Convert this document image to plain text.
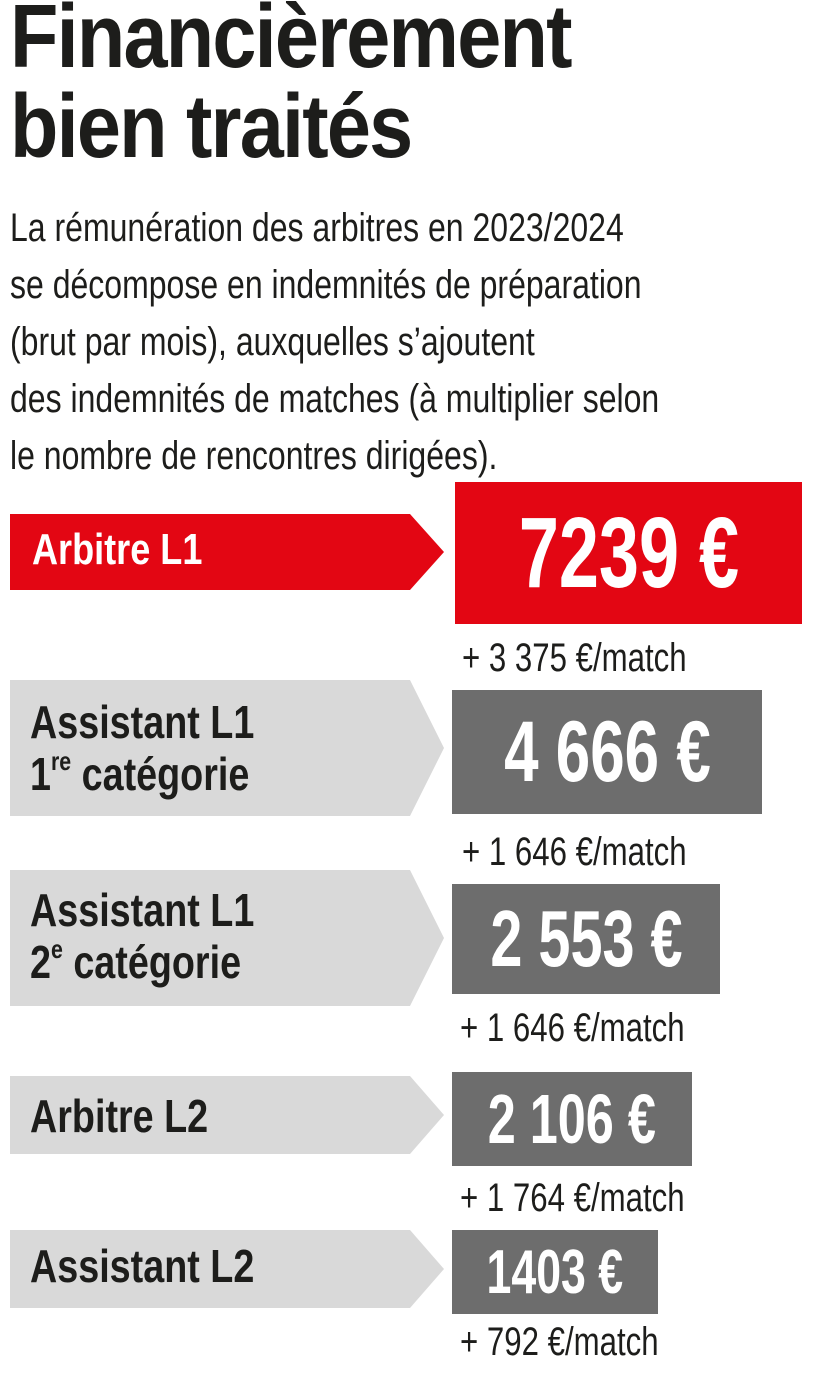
Financièrement
bien traités

La rémunération des arbitres en 2023/2024
se décompose en indemnités de préparation
(brut par mois), auxquelles s’ajoutent
des indemnités de matches (à multiplier selon
le nombre de rencontres dirigées).

Arbitre L1	7239 €
+ 3 375 €/match
Assistant L1
1re catégorie	4 666 €
+ 1 646 €/match
Assistant L1
2e catégorie	2 553 €
+ 1 646 €/match
Arbitre L2	2 106 €
+ 1 764 €/match
Assistant L2	1403 €
+ 792 €/match
